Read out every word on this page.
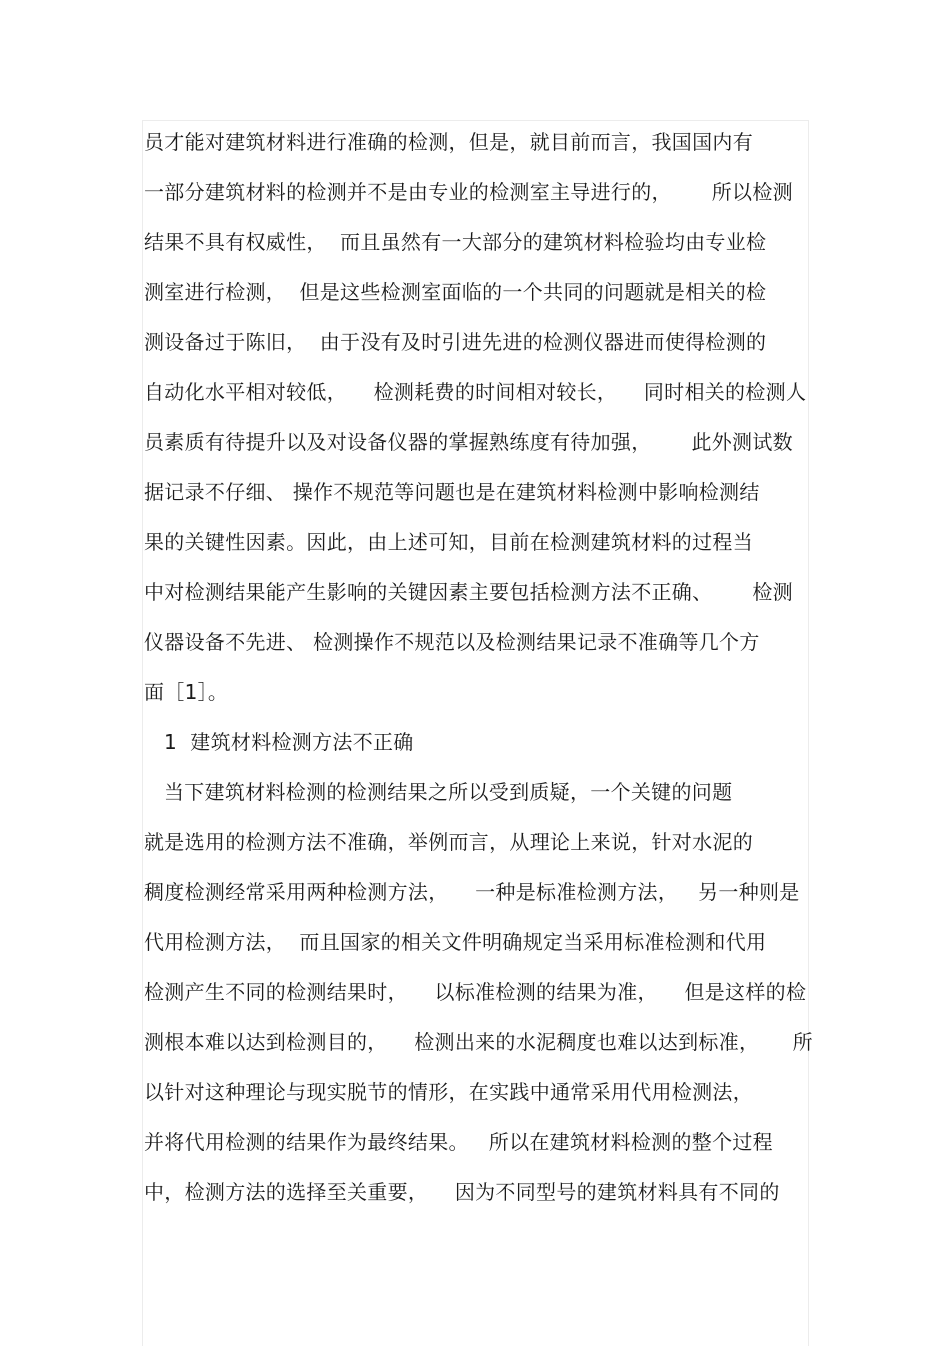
员才能对建筑材料进行准确的检测，但是，就目前而言，我国国内有
一部分建筑材料的检测并不是由专业的检测室主导进行的，      所以检测
结果不具有权威性，  而且虽然有一大部分的建筑材料检验均由专业检
测室进行检测，  但是这些检测室面临的一个共同的问题就是相关的检
测设备过于陈旧，  由于没有及时引进先进的检测仪器进而使得检测的
自动化水平相对较低，    检测耗费的时间相对较长，    同时相关的检测人
员素质有待提升以及对设备仪器的掌握熟练度有待加强，      此外测试数
据记录不仔细、 操作不规范等问题也是在建筑材料检测中影响检测结
果的关键性因素。因此，由上述可知，目前在检测建筑材料的过程当
中对检测结果能产生影响的关键因素主要包括检测方法不正确、      检测
仪器设备不先进、 检测操作不规范以及检测结果记录不准确等几个方
面［1］。
1  建筑材料检测方法不正确
当下建筑材料检测的检测结果之所以受到质疑，一个关键的问题
就是选用的检测方法不准确，举例而言，从理论上来说，针对水泥的
稠度检测经常采用两种检测方法，    一种是标准检测方法，   另一种则是
代用检测方法，  而且国家的相关文件明确规定当采用标准检测和代用
检测产生不同的检测结果时，    以标准检测的结果为准，    但是这样的检
测根本难以达到检测目的，    检测出来的水泥稠度也难以达到标准，     所
以针对这种理论与现实脱节的情形，在实践中通常采用代用检测法，
并将代用检测的结果作为最终结果。   所以在建筑材料检测的整个过程
中，检测方法的选择至关重要，    因为不同型号的建筑材料具有不同的
